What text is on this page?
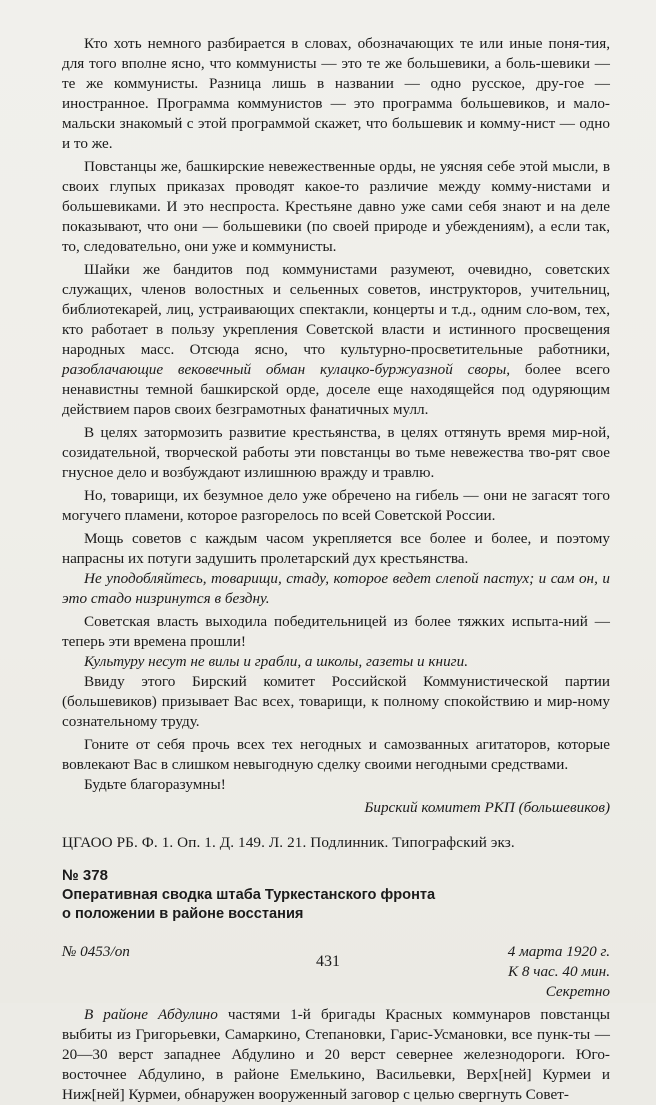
Кто хоть немного разбирается в словах, обозначающих те или иные поня-тия, для того вполне ясно, что коммунисты — это те же большевики, а боль-шевики — те же коммунисты. Разница лишь в названии — одно русское, дру-гое — иностранное. Программа коммунистов — это программа большевиков, и мало-мальски знакомый с этой программой скажет, что большевик и комму-нист — одно и то же.

Повстанцы же, башкирские невежественные орды, не уясняя себе этой мысли, в своих глупых приказах проводят какое-то различие между комму-нистами и большевиками. И это неспроста. Крестьяне давно уже сами себя знают и на деле показывают, что они — большевики (по своей природе и убеждениям), а если так, то, следовательно, они уже и коммунисты.

Шайки же бандитов под коммунистами разумеют, очевидно, советских служащих, членов волостных и сельенных советов, инструкторов, учительниц, библиотекарей, лиц, устраивающих спектакли, концерты и т.д., одним сло-вом, тех, кто работает в пользу укрепления Советской власти и истинного просвещения народных масс. Отсюда ясно, что культурно-просветительные работники, разоблачающие вековечный обман кулацко-буржуазной своры, более всего ненавистны темной башкирской орде, доселе еще находящейся под одуряющим действием паров своих безграмотных фанатичных мулл.

В целях затормозить развитие крестьянства, в целях оттянуть время мир-ной, созидательной, творческой работы эти повстанцы во тьме невежества тво-рят свое гнусное дело и возбуждают излишнюю вражду и травлю.

Но, товарищи, их безумное дело уже обречено на гибель — они не загасят того могучего пламени, которое разгорелось по всей Советской России.

Мощь советов с каждым часом укрепляется все более и более, и поэтому напрасны их потуги задушить пролетарский дух крестьянства.

Не уподобляйтесь, товарищи, стаду, которое ведет слепой пастух; и сам он, и это стадо низринутся в бездну.

Советская власть выходила победительницей из более тяжких испыта-ний — теперь эти времена прошли!

Культуру несут не вилы и грабли, а школы, газеты и книги.

Ввиду этого Бирский комитет Российской Коммунистической партии (большевиков) призывает Вас всех, товарищи, к полному спокойствию и мир-ному сознательному труду.

Гоните от себя прочь всех тех негодных и самозванных агитаторов, которые вовлекают Вас в слишком невыгодную сделку своими негодными средствами.

Будьте благоразумны!

Бирский комитет РКП (большевиков)

ЦГАОО РБ. Ф. 1. Оп. 1. Д. 149. Л. 21. Подлинник. Типографский экз.

№ 378

Оперативная сводка штаба Туркестанского фронта
о положении в районе восстания
№ 0453/оп	4 марта 1920 г.
К 8 час. 40 мин.
Секретно

В районе Абдулино частями 1-й бригады Красных коммунаров повстанцы выбиты из Григорьевки, Самаркино, Степановки, Гарис-Усмановки, все пунк-ты — 20—30 верст западнее Абдулино и 20 верст севернее железнодороги. Юго-восточнее Абдулино, в районе Емелькино, Васильевки, Верх[ней] Курмеи и Ниж[ней] Курмеи, обнаружен вооруженный заговор с целью свергнуть Совет-

431
